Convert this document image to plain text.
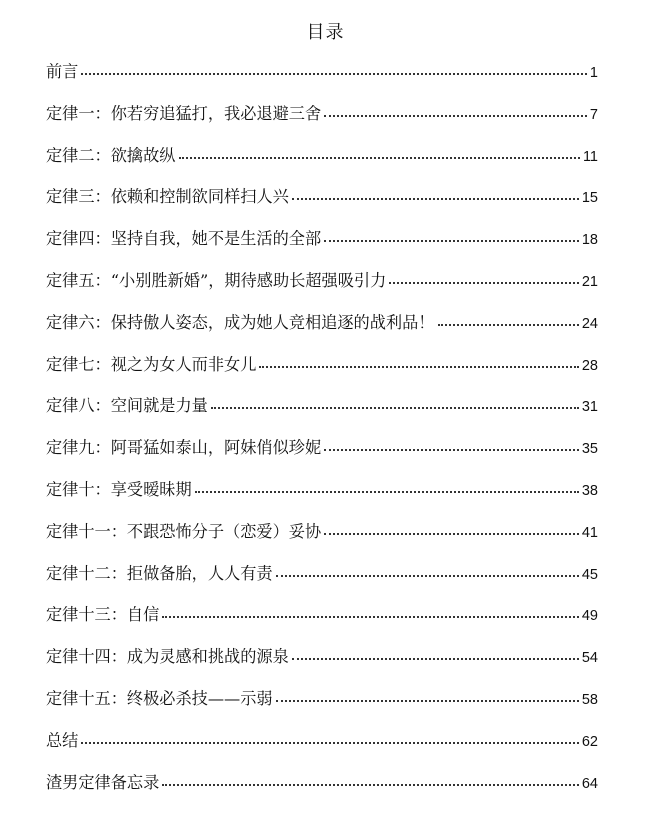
目录
前言	1
定律一：你若穷追猛打，我必退避三舍	7
定律二：欲擒故纵	11
定律三：依赖和控制欲同样扫人兴	15
定律四：坚持自我，她不是生活的全部	18
定律五：“小别胜新婚”，期待感助长超强吸引力	21
定律六：保持傲人姿态，成为她人竞相追逐的战利品！	24
定律七：视之为女人而非女儿	28
定律八：空间就是力量	31
定律九：阿哥猛如泰山，阿妹俏似珍妮	35
定律十：享受暧昧期	38
定律十一：不跟恐怖分子（恋爱）妥协	41
定律十二：拒做备胎，人人有责	45
定律十三：自信	49
定律十四：成为灵感和挑战的源泉	54
定律十五：终极必杀技——示弱	58
总结	62
渣男定律备忘录	64
